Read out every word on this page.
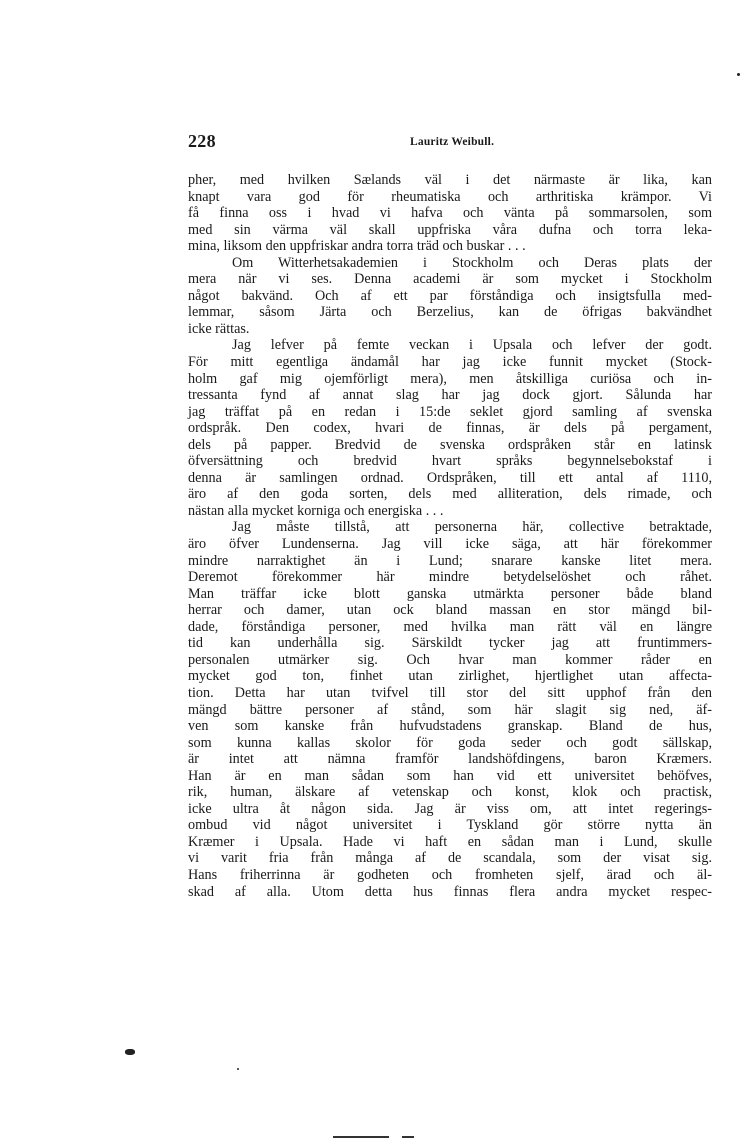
228	Lauritz Weibull.
pher, med hvilken Sælands väl i det närmaste är lika, kan
knapt vara god för rheumatiska och arthritiska krämpor. Vi
få finna oss i hvad vi hafva och vänta på sommarsolen, som
med sin värma väl skall uppfriska våra dufna och torra leka-
mina, liksom den uppfriskar andra torra träd och buskar . . .
Om Witterhetsakademien i Stockholm och Deras plats der
mera när vi ses. Denna academi är som mycket i Stockholm
något bakvänd. Och af ett par förståndiga och insigtsfulla med-
lemmar, såsom Järta och Berzelius, kan de öfrigas bakvändhet
icke rättas.
Jag lefver på femte veckan i Upsala och lefver der godt.
För mitt egentliga ändamål har jag icke funnit mycket (Stock-
holm gaf mig ojemförligt mera), men åtskilliga curiösa och in-
tressanta fynd af annat slag har jag dock gjort. Sålunda har
jag träffat på en redan i 15:de seklet gjord samling af svenska
ordspråk. Den codex, hvari de finnas, är dels på pergament,
dels på papper. Bredvid de svenska ordspråken står en latinsk
öfversättning och bredvid hvart språks begynnelsebokstaf i
denna är samlingen ordnad. Ordspråken, till ett antal af 1110,
äro af den goda sorten, dels med alliteration, dels rimade, och
nästan alla mycket korniga och energiska . . .
Jag måste tillstå, att personerna här, collective betraktade,
äro öfver Lundenserna. Jag vill icke säga, att här förekommer
mindre narraktighet än i Lund; snarare kanske litet mera.
Deremot förekommer här mindre betydelselöshet och råhet.
Man träffar icke blott ganska utmärkta personer både bland
herrar och damer, utan ock bland massan en stor mängd bil-
dade, förståndiga personer, med hvilka man rätt väl en längre
tid kan underhålla sig. Särskildt tycker jag att fruntimmers-
personalen utmärker sig. Och hvar man kommer råder en
mycket god ton, finhet utan zirlighet, hjertlighet utan affecta-
tion. Detta har utan tvifvel till stor del sitt upphof från den
mängd bättre personer af stånd, som här slagit sig ned, äf-
ven som kanske från hufvudstadens granskap. Bland de hus,
som kunna kallas skolor för goda seder och godt sällskap,
är intet att nämna framför landshöfdingens, baron Kræmers.
Han är en man sådan som han vid ett universitet behöfves,
rik, human, älskare af vetenskap och konst, klok och practisk,
icke ultra åt någon sida. Jag är viss om, att intet regerings-
ombud vid något universitet i Tyskland gör större nytta än
Kræmer i Upsala. Hade vi haft en sådan man i Lund, skulle
vi varit fria från många af de scandala, som der visat sig.
Hans friherrinna är godheten och fromheten sjelf, ärad och äl-
skad af alla. Utom detta hus finnas flera andra mycket respec-
